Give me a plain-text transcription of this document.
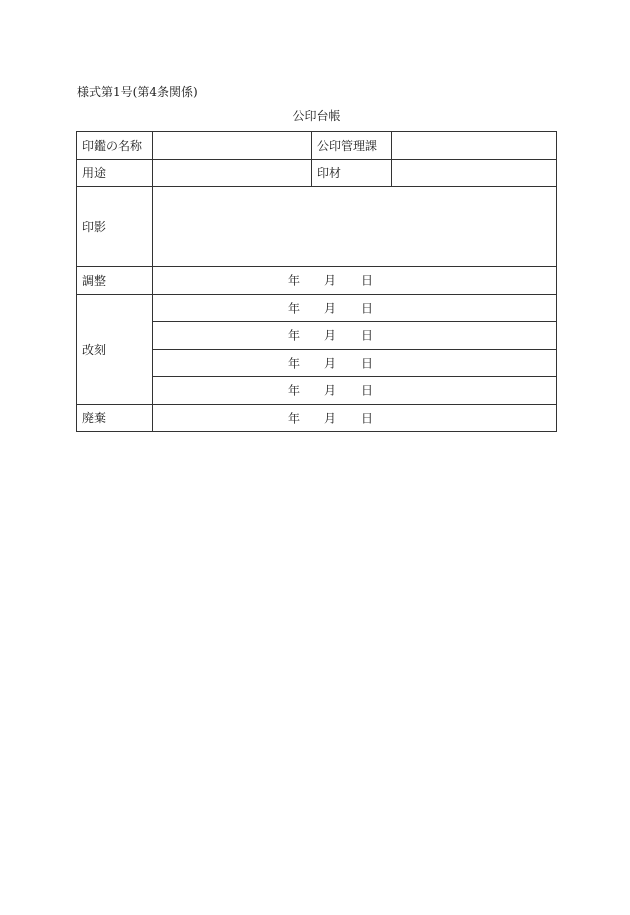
様式第1号(第4条関係)
公印台帳
印鑑の名称		公印管理課	
用途		印材	
印影			
調整	年 月 日		

改刻	年 月 日		

	年 月 日		

	年 月 日		

	年 月 日		

廃棄	年 月 日		
